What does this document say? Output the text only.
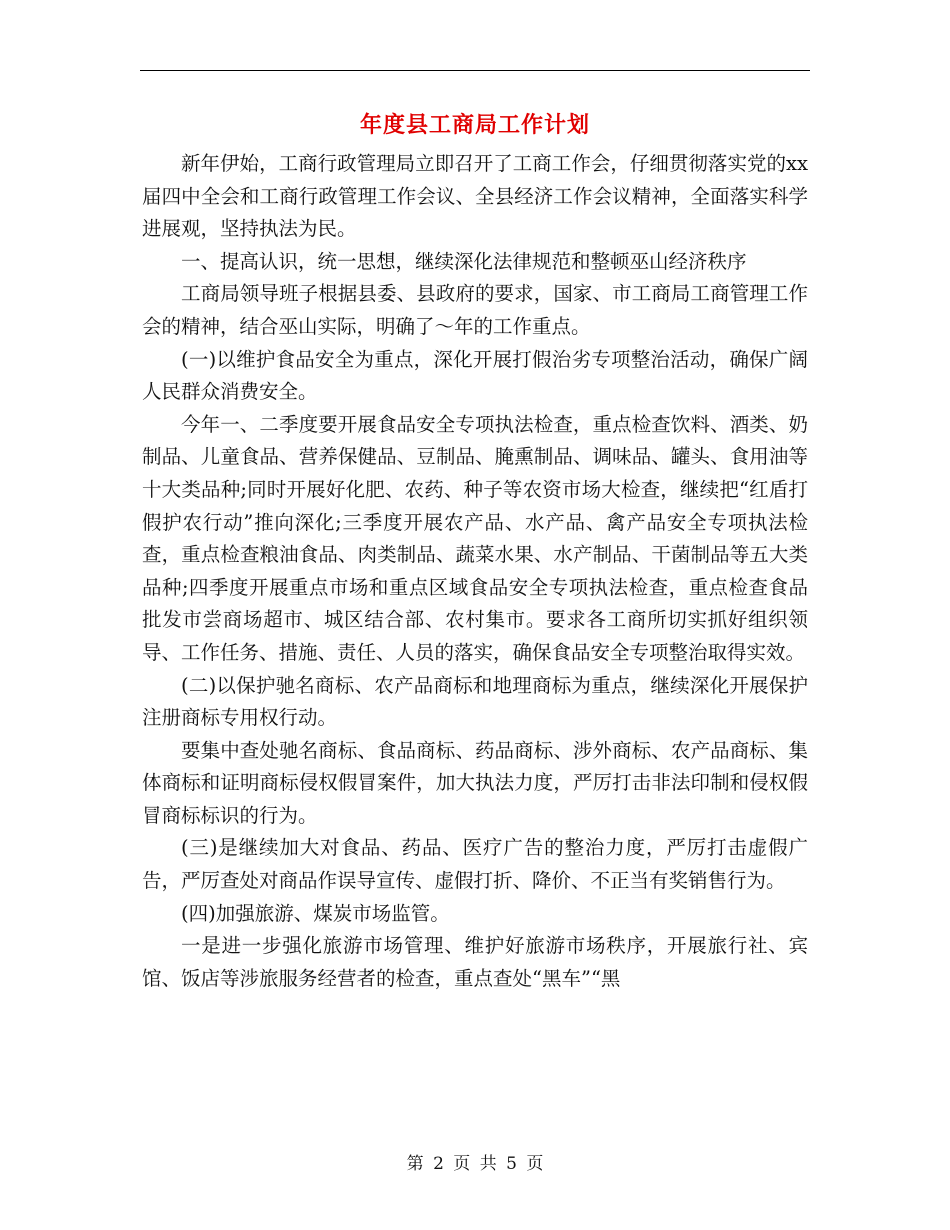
年度县工商局工作计划

新年伊始，工商行政管理局立即召开了工商工作会，仔细贯彻落实党的xx届四中全会和工商行政管理工作会议、全县经济工作会议精神，全面落实科学进展观，坚持执法为民。

一、提高认识，统一思想，继续深化法律规范和整顿巫山经济秩序

工商局领导班子根据县委、县政府的要求，国家、市工商局工商管理工作会的精神，结合巫山实际，明确了～年的工作重点。

(一)以维护食品安全为重点，深化开展打假治劣专项整治活动，确保广阔人民群众消费安全。

今年一、二季度要开展食品安全专项执法检查，重点检查饮料、酒类、奶制品、儿童食品、营养保健品、豆制品、腌熏制品、调味品、罐头、食用油等十大类品种;同时开展好化肥、农药、种子等农资市场大检查，继续把“红盾打假护农行动”推向深化;三季度开展农产品、水产品、禽产品安全专项执法检查，重点检查粮油食品、肉类制品、蔬菜水果、水产制品、干菌制品等五大类品种;四季度开展重点市场和重点区域食品安全专项执法检查，重点检查食品批发市尝商场超市、城区结合部、农村集市。要求各工商所切实抓好组织领导、工作任务、措施、责任、人员的落实，确保食品安全专项整治取得实效。

(二)以保护驰名商标、农产品商标和地理商标为重点，继续深化开展保护注册商标专用权行动。

要集中查处驰名商标、食品商标、药品商标、涉外商标、农产品商标、集体商标和证明商标侵权假冒案件，加大执法力度，严厉打击非法印制和侵权假冒商标标识的行为。

(三)是继续加大对食品、药品、医疗广告的整治力度，严厉打击虚假广告，严厉查处对商品作误导宣传、虚假打折、降价、不正当有奖销售行为。

(四)加强旅游、煤炭市场监管。

一是进一步强化旅游市场管理、维护好旅游市场秩序，开展旅行社、宾馆、饭店等涉旅服务经营者的检查，重点查处“黑车”“黑

第 2 页 共 5 页
